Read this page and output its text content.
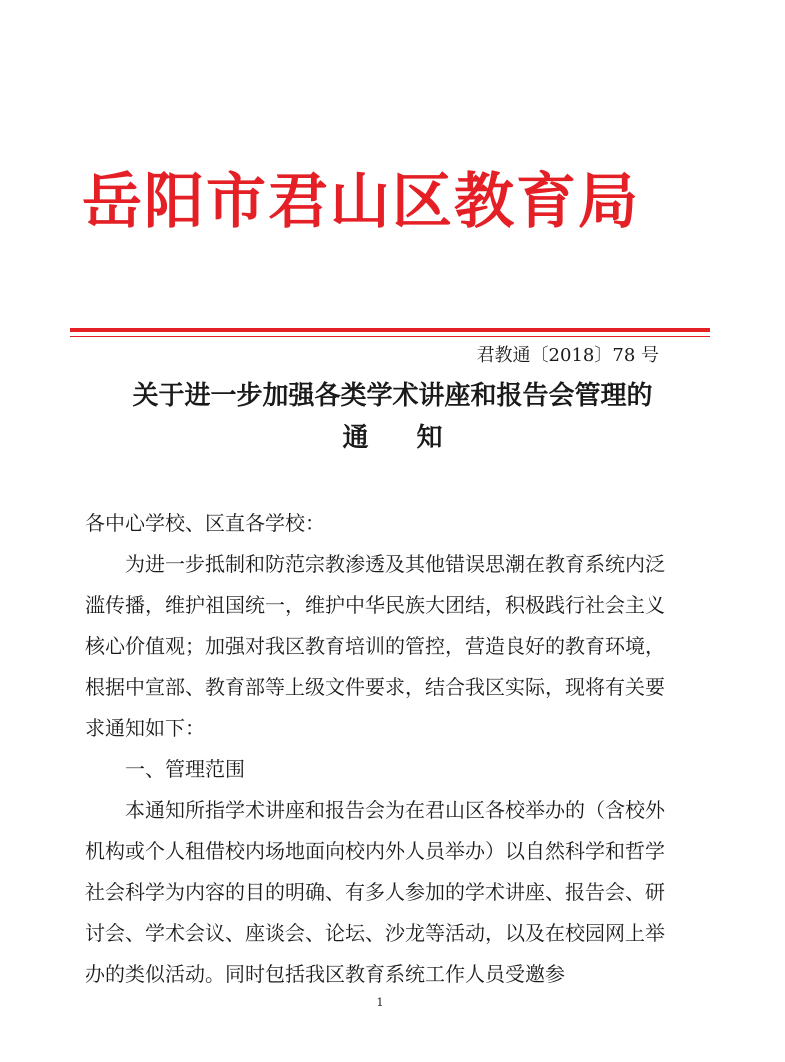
岳阳市君山区教育局
君教通〔2018〕78 号
关于进一步加强各类学术讲座和报告会管理的
通知

各中心学校、区直各学校：

为进一步抵制和防范宗教渗透及其他错误思潮在教育系统内泛滥传播，维护祖国统一，维护中华民族大团结，积极践行社会主义核心价值观；加强对我区教育培训的管控，营造良好的教育环境，根据中宣部、教育部等上级文件要求，结合我区实际，现将有关要求通知如下：

一、管理范围

本通知所指学术讲座和报告会为在君山区各校举办的（含校外机构或个人租借校内场地面向校内外人员举办）以自然科学和哲学社会科学为内容的目的明确、有多人参加的学术讲座、报告会、研讨会、学术会议、座谈会、论坛、沙龙等活动，以及在校园网上举办的类似活动。同时包括我区教育系统工作人员受邀参

1
